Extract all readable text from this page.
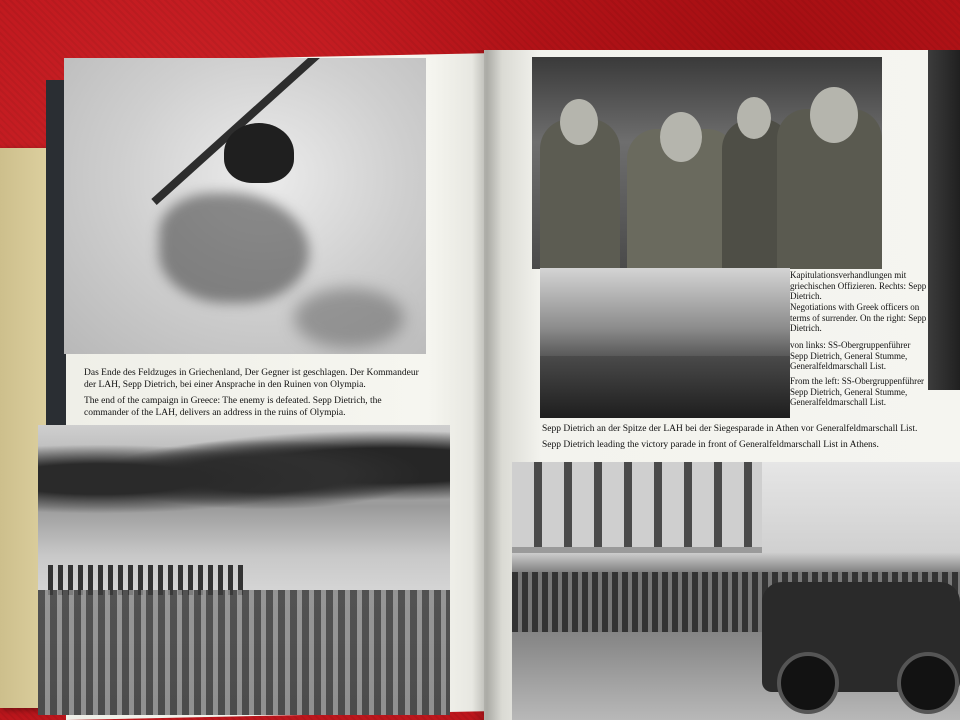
Das Ende des Feldzuges in Griechenland, Der Gegner ist geschlagen. Der Kommandeur der LAH, Sepp Dietrich, bei einer Ansprache in den Ruinen von Olympia.

The end of the campaign in Greece: The enemy is defeated. Sepp Dietrich, the commander of the LAH, delivers an address in the ruins of Olympia.

Kapitulationsverhandlungen mit griechischen Offizieren. Rechts: Sepp Dietrich.

Negotiations with Greek officers on terms of surrender. On the right: Sepp Dietrich.

von links: SS-Obergruppenführer Sepp Dietrich, General Stumme, Generalfeldmarschall List.

From the left: SS-Obergruppenführer Sepp Dietrich, General Stumme, Generalfeldmarschall List.

Sepp Dietrich an der Spitze der LAH bei der Siegesparade in Athen vor Generalfeldmarschall List.

Sepp Dietrich leading the victory parade in front of Generalfeldmarschall List in Athens.
